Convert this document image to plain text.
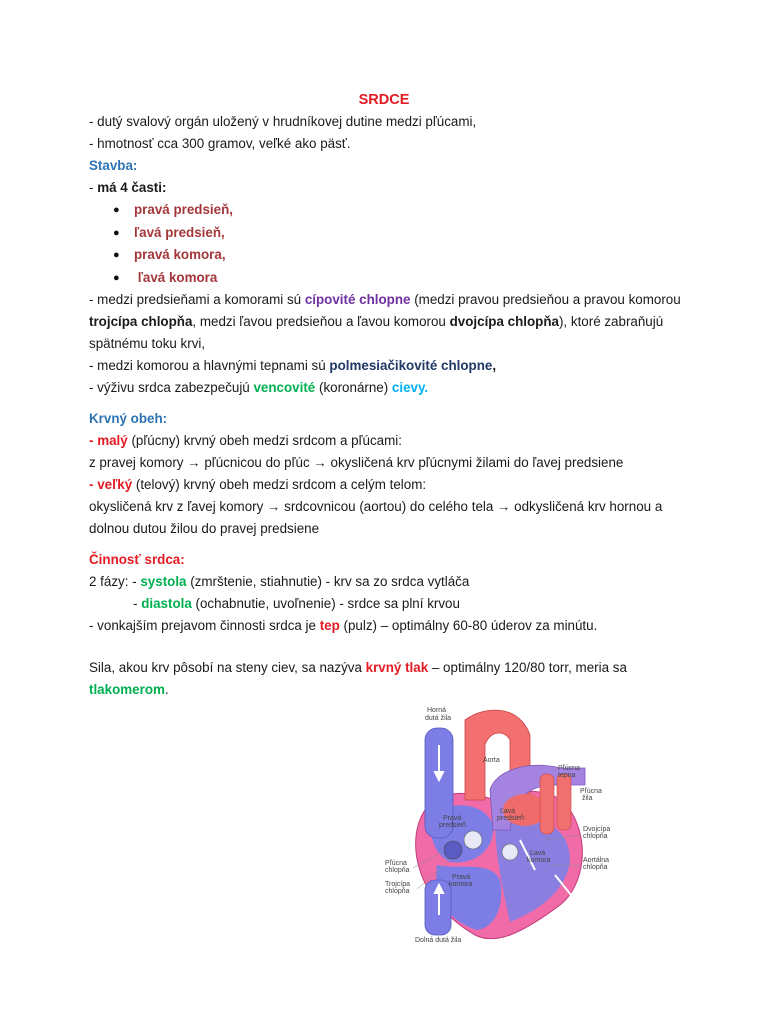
SRDCE
- dutý svalový orgán uložený v hrudníkovej dutine medzi pľúcami,
- hmotnosť cca 300 gramov, veľké ako päsť.
Stavba:
- má 4 časti:
● pravá predsieň,
● ľavá predsieň,
● pravá komora,
● ľavá komora
- medzi predsieňami a komorami sú cípovité chlopne (medzi pravou predsieňou a pravou komorou trojcípa chlopňa, medzi ľavou predsieňou a ľavou komorou dvojcípa chlopňa), ktoré zabraňujú spätnému toku krvi,
- medzi komorou a hlavnými tepnami sú polmesiačikovité chlopne,
- výživu srdca zabezpečujú vencovité (koronárne) cievy.
Krvný obeh:
- malý (pľúcny) krvný obeh medzi srdcom a pľúcami:
z pravej komory → pľúcnicou do pľúc → okysličená krv pľúcnymi žilami do ľavej predsiene
- veľký (telový) krvný obeh medzi srdcom a celým telom:
okysličená krv z ľavej komory → srdcovnicou (aortou) do celého tela → odkysličená krv hornou a dolnou dutou žilou do pravej predsiene
Činnosť srdca:
2 fázy: - systola (zmrštenie, stiahnutie) - krv sa zo srdca vytláča
- diastola (ochabnutie, uvoľnenie) - srdce sa plní krvou
- vonkajším prejavom činnosti srdca je tep (pulz) – optimálny 60-80 úderov za minútu.
Sila, akou krv pôsobí na steny ciev, sa nazýva krvný tlak – optimálny 120/80 torr, meria sa tlakomerom.
Horná
dutá žila
Aorta
Pľúcna
tepna
Pľúcna
žila
Ľavá
predsieň
Dvojcípa
chlopňa
Pravá
predsieň
Ľavá
komora	Aortálna
chlopňa
Pľúcna
chlopňa
Pravá
komora
Trojcípa
chlopňa
Dolná dutá žila
